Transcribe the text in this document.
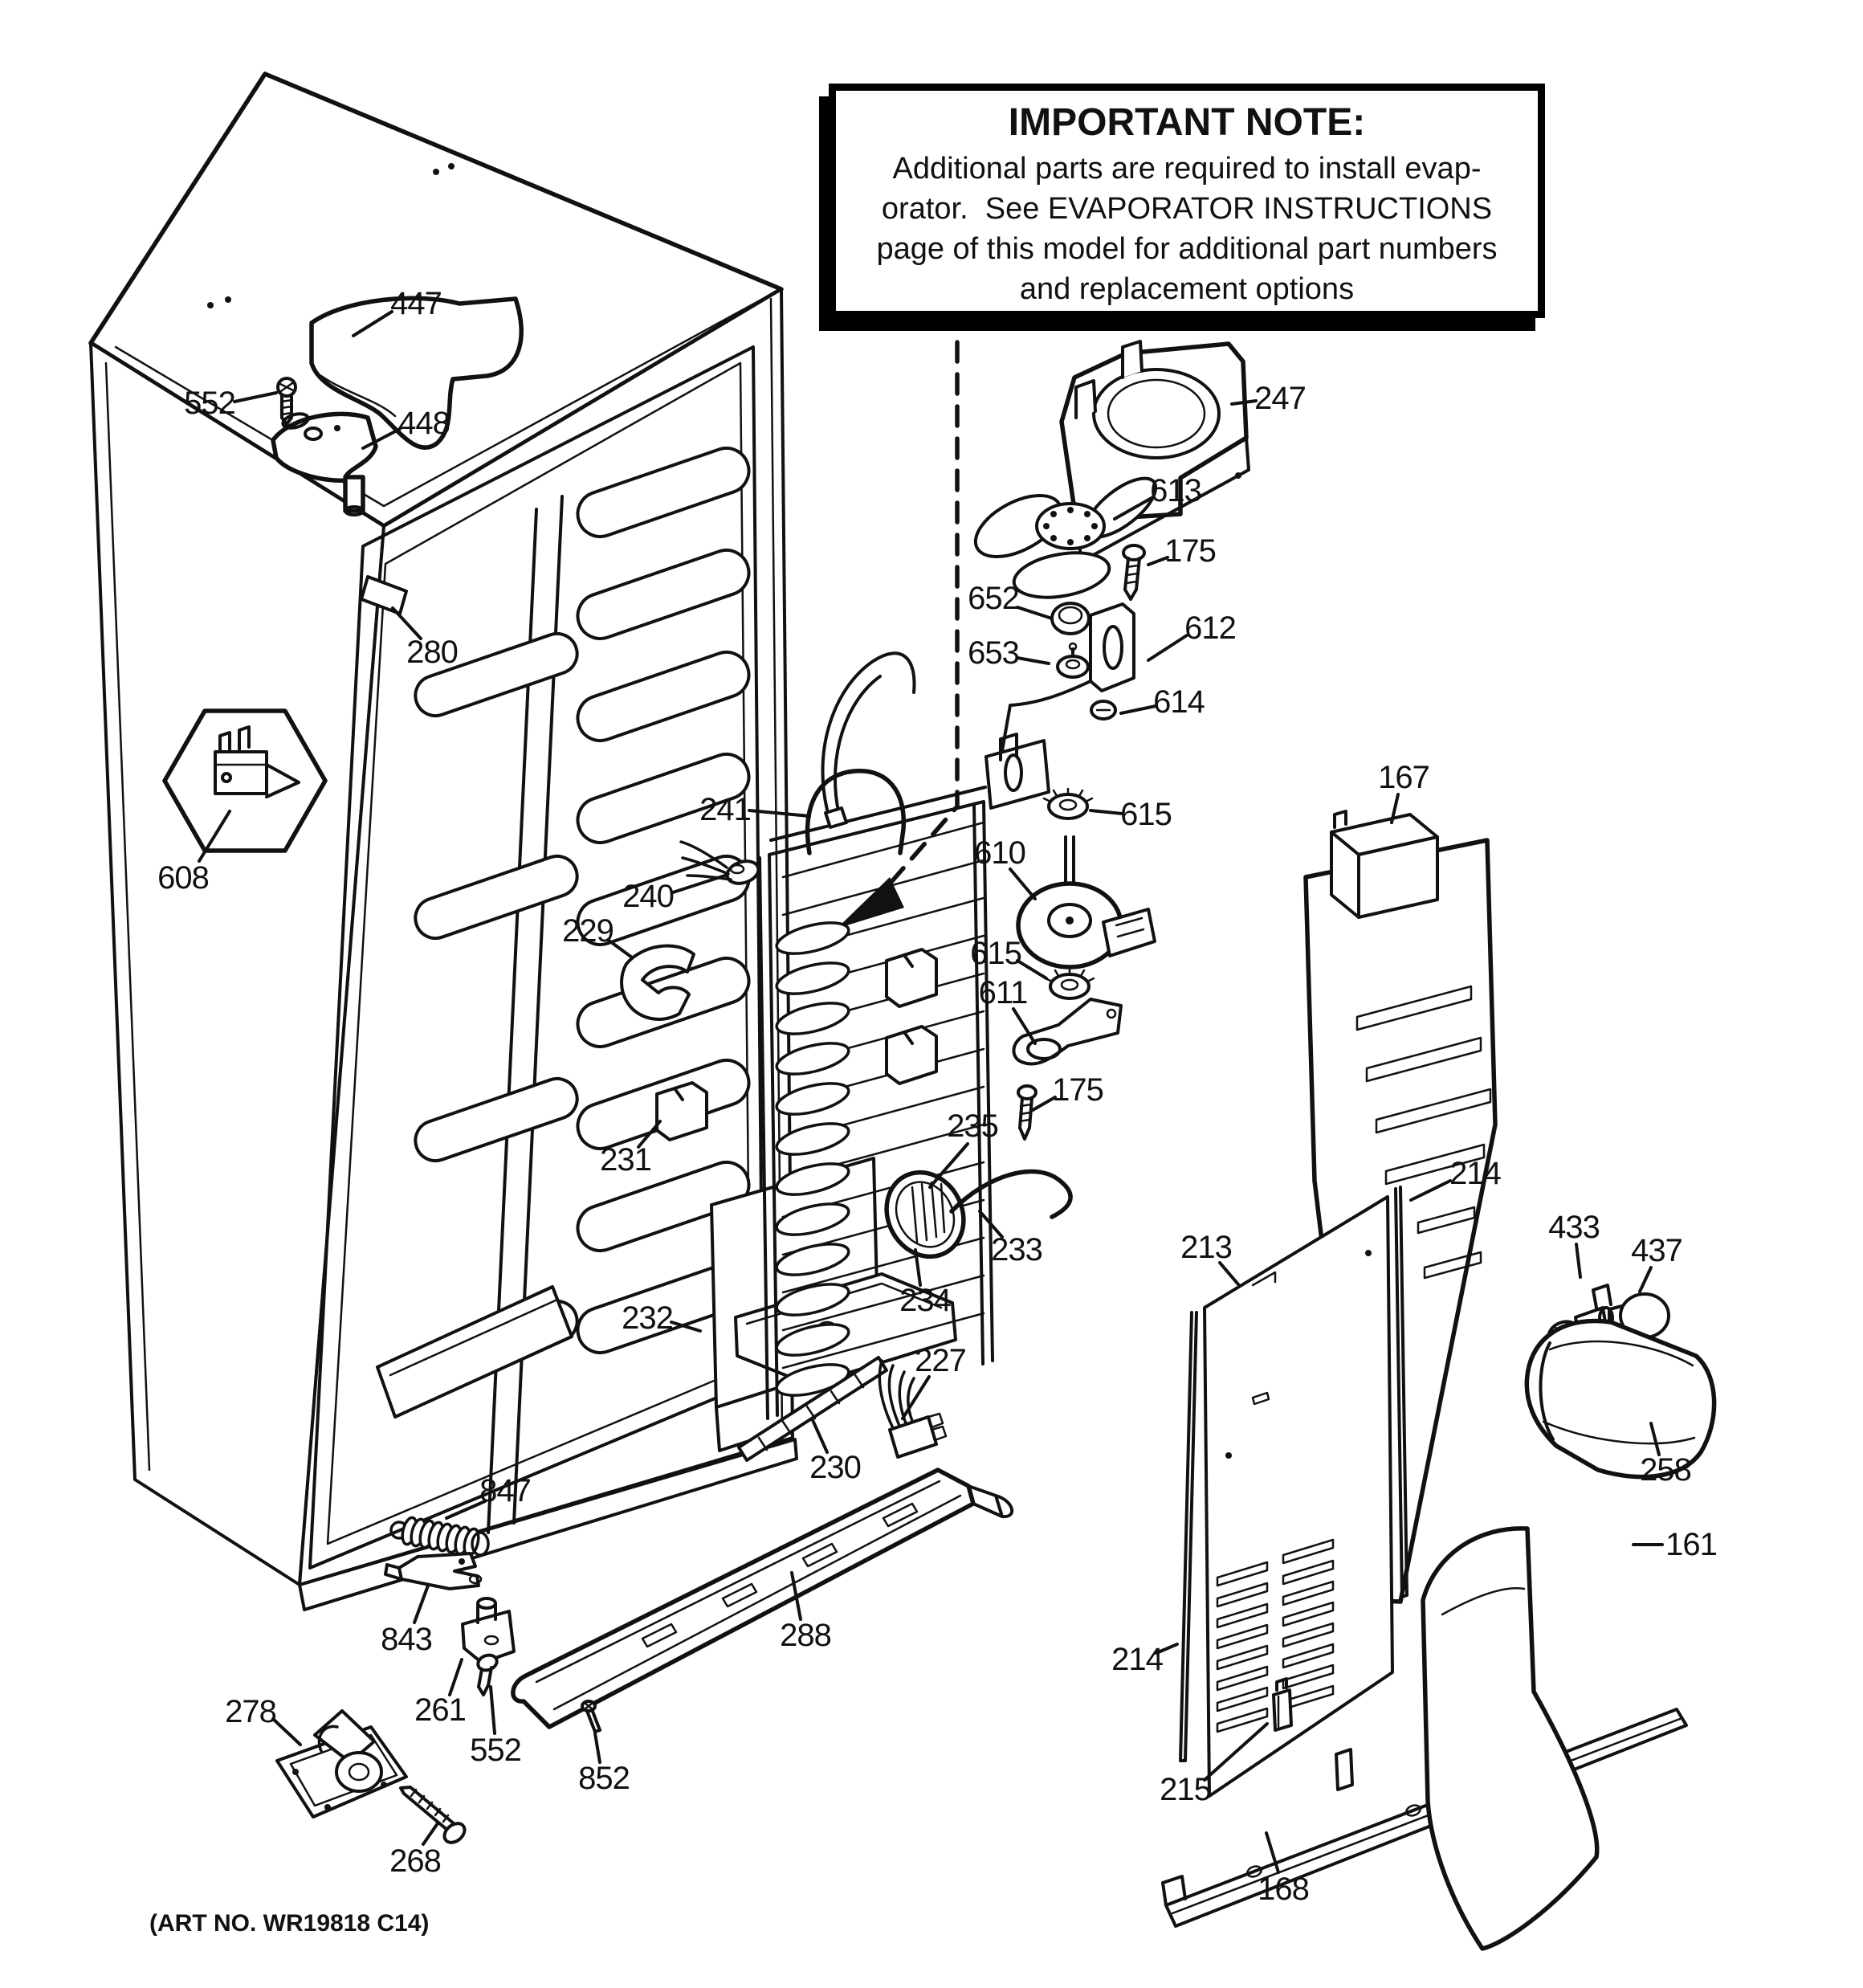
447
552
448
280
608
241
240
229
231
235
233
234
232
230
227
288
847
843
261
552
852
278
268
247
613
175
652
653
612
614
615
610
615
611
175
167
214
213
433
437
258
161
214
215
168
IMPORTANT NOTE:
Additional parts are required to install evap-
orator.  See EVAPORATOR INSTRUCTIONS
page of this model for additional part numbers
and replacement options
(ART NO. WR19818 C14)
